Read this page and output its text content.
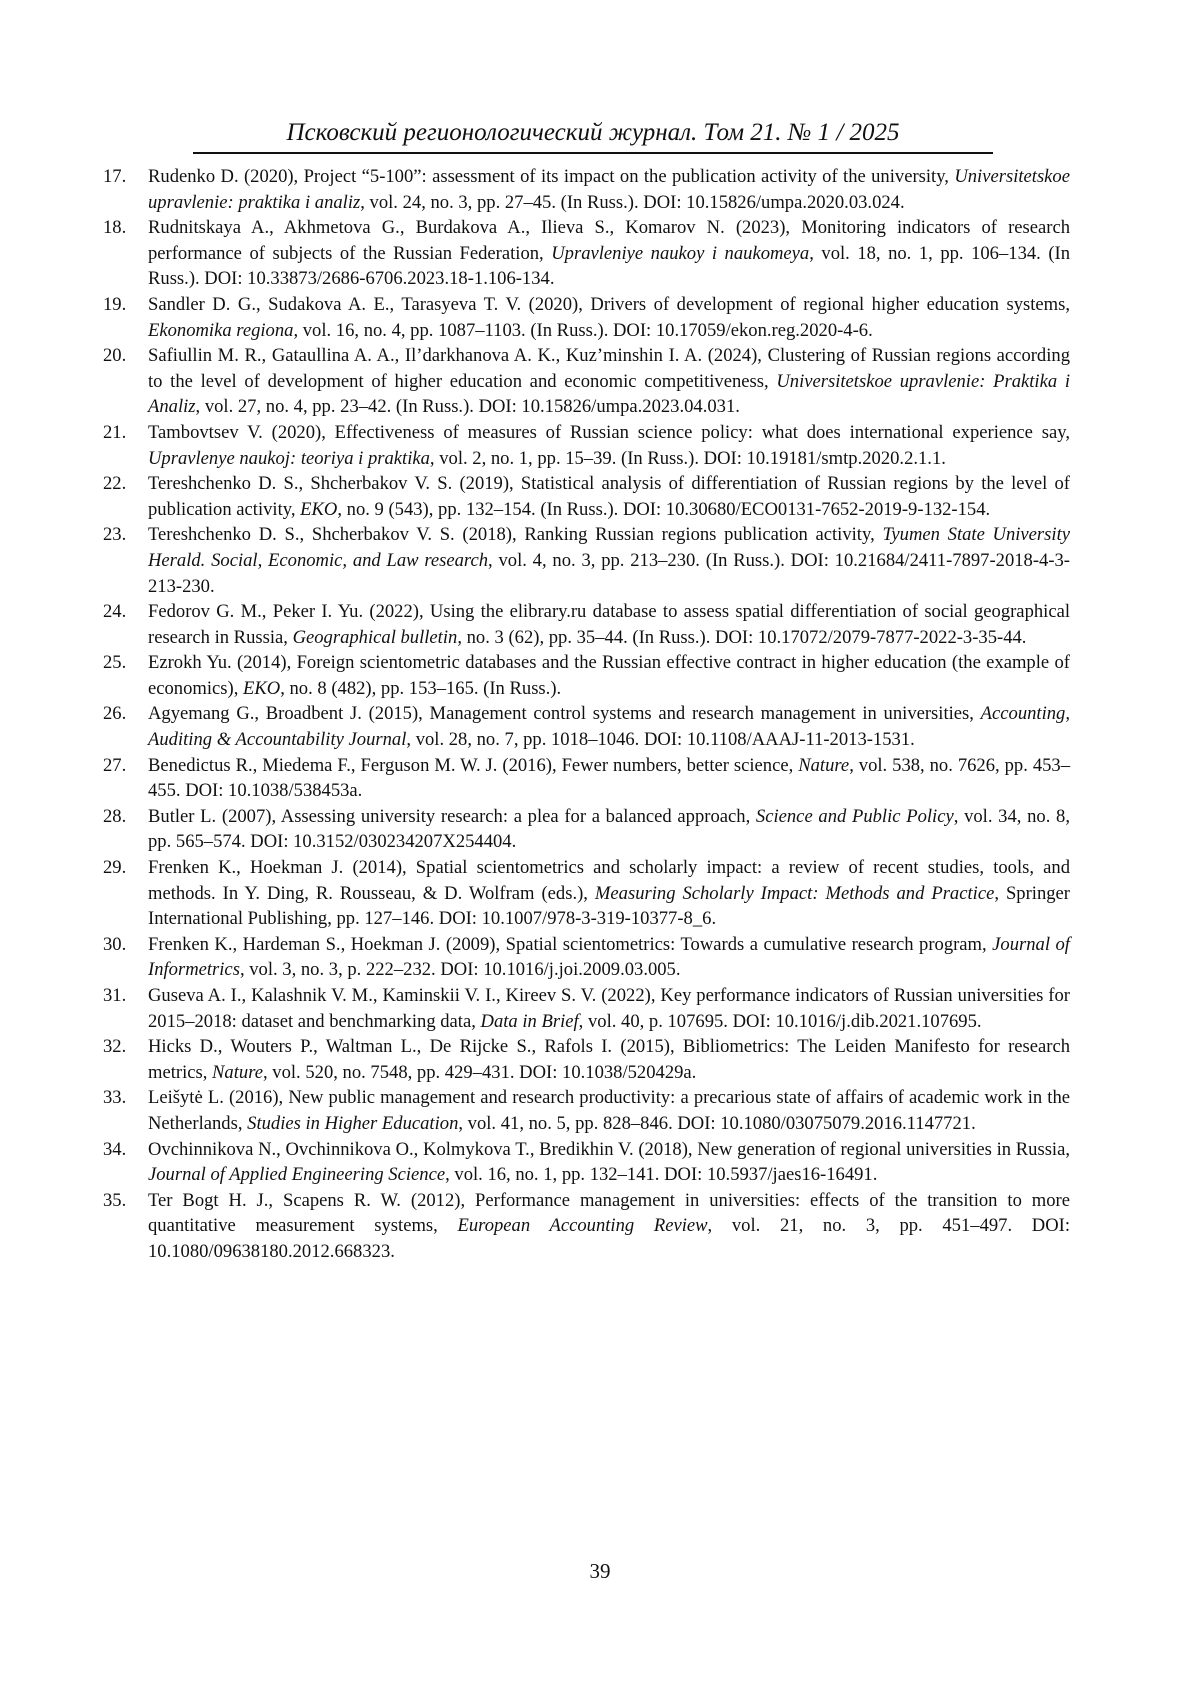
Псковский регионологический журнал. Том 21. № 1 / 2025
17.	Rudenko D. (2020), Project “5-100”: assessment of its impact on the publication activity of the university, Universitetskoe upravlenie: praktika i analiz, vol. 24, no. 3, pp. 27–45. (In Russ.). DOI: 10.15826/umpa.2020.03.024.
18.	Rudnitskaya A., Akhmetova G., Burdakova A., Ilieva S., Komarov N. (2023), Monitoring indicators of research performance of subjects of the Russian Federation, Upravleniye naukoy i naukomeya, vol. 18, no. 1, pp. 106–134. (In Russ.). DOI: 10.33873/2686-6706.2023.18-1.106-134.
19.	Sandler D. G., Sudakova A. E., Tarasyeva T. V. (2020), Drivers of development of regional higher education systems, Ekonomika regiona, vol. 16, no. 4, pp. 1087–1103. (In Russ.). DOI: 10.17059/ekon.reg.2020-4-6.
20.	Safiullin M. R., Gataullina A. A., Il’darkhanova A. K., Kuz’minshin I. A. (2024), Clustering of Russian regions according to the level of development of higher education and economic competitiveness, Universitetskoe upravlenie: Praktika i Analiz, vol. 27, no. 4, pp. 23–42. (In Russ.). DOI: 10.15826/umpa.2023.04.031.
21.	Tambovtsev V. (2020), Effectiveness of measures of Russian science policy: what does international experience say, Upravlenye naukoj: teoriya i praktika, vol. 2, no. 1, pp. 15–39. (In Russ.). DOI: 10.19181/smtp.2020.2.1.1.
22.	Tereshchenko D. S., Shcherbakov V. S. (2019), Statistical analysis of differentiation of Russian regions by the level of publication activity, EKO, no. 9 (543), pp. 132–154. (In Russ.). DOI: 10.30680/ECO0131-7652-2019-9-132-154.
23.	Tereshchenko D. S., Shcherbakov V. S. (2018), Ranking Russian regions publication activity, Tyumen State University Herald. Social, Economic, and Law research, vol. 4, no. 3, pp. 213–230. (In Russ.). DOI: 10.21684/2411-7897-2018-4-3-213-230.
24.	Fedorov G. M., Peker I. Yu. (2022), Using the elibrary.ru database to assess spatial differentiation of social geographical research in Russia, Geographical bulletin, no. 3 (62), pp. 35–44. (In Russ.). DOI: 10.17072/2079-7877-2022-3-35-44.
25.	Ezrokh Yu. (2014), Foreign scientometric databases and the Russian effective contract in higher education (the example of economics), EKO, no. 8 (482), pp. 153–165. (In Russ.).
26.	Agyemang G., Broadbent J. (2015), Management control systems and research management in universities, Accounting, Auditing & Accountability Journal, vol. 28, no. 7, pp. 1018–1046. DOI: 10.1108/AAAJ-11-2013-1531.
27.	Benedictus R., Miedema F., Ferguson M. W. J. (2016), Fewer numbers, better science, Nature, vol. 538, no. 7626, pp. 453–455. DOI: 10.1038/538453a.
28.	Butler L. (2007), Assessing university research: a plea for a balanced approach, Science and Public Policy, vol. 34, no. 8, pp. 565–574. DOI: 10.3152/030234207X254404.
29.	Frenken K., Hoekman J. (2014), Spatial scientometrics and scholarly impact: a review of recent studies, tools, and methods. In Y. Ding, R. Rousseau, & D. Wolfram (eds.), Measuring Scholarly Impact: Methods and Practice, Springer International Publishing, pp. 127–146. DOI: 10.1007/978-3-319-10377-8_6.
30.	Frenken K., Hardeman S., Hoekman J. (2009), Spatial scientometrics: Towards a cumulative research program, Journal of Informetrics, vol. 3, no. 3, p. 222–232. DOI: 10.1016/j.joi.2009.03.005.
31.	Guseva A. I., Kalashnik V. M., Kaminskii V. I., Kireev S. V. (2022), Key performance indicators of Russian universities for 2015–2018: dataset and benchmarking data, Data in Brief, vol. 40, p. 107695. DOI: 10.1016/j.dib.2021.107695.
32.	Hicks D., Wouters P., Waltman L., De Rijcke S., Rafols I. (2015), Bibliometrics: The Leiden Manifesto for research metrics, Nature, vol. 520, no. 7548, pp. 429–431. DOI: 10.1038/520429a.
33.	Leišytė L. (2016), New public management and research productivity: a precarious state of affairs of academic work in the Netherlands, Studies in Higher Education, vol. 41, no. 5, pp. 828–846. DOI: 10.1080/03075079.2016.1147721.
34.	Ovchinnikova N., Ovchinnikova O., Kolmykova T., Bredikhin V. (2018), New generation of regional universities in Russia, Journal of Applied Engineering Science, vol. 16, no. 1, pp. 132–141. DOI: 10.5937/jaes16-16491.
35.	Ter Bogt H. J., Scapens R. W. (2012), Performance management in universities: effects of the transition to more quantitative measurement systems, European Accounting Review, vol. 21, no. 3, pp. 451–497. DOI: 10.1080/09638180.2012.668323.
39
